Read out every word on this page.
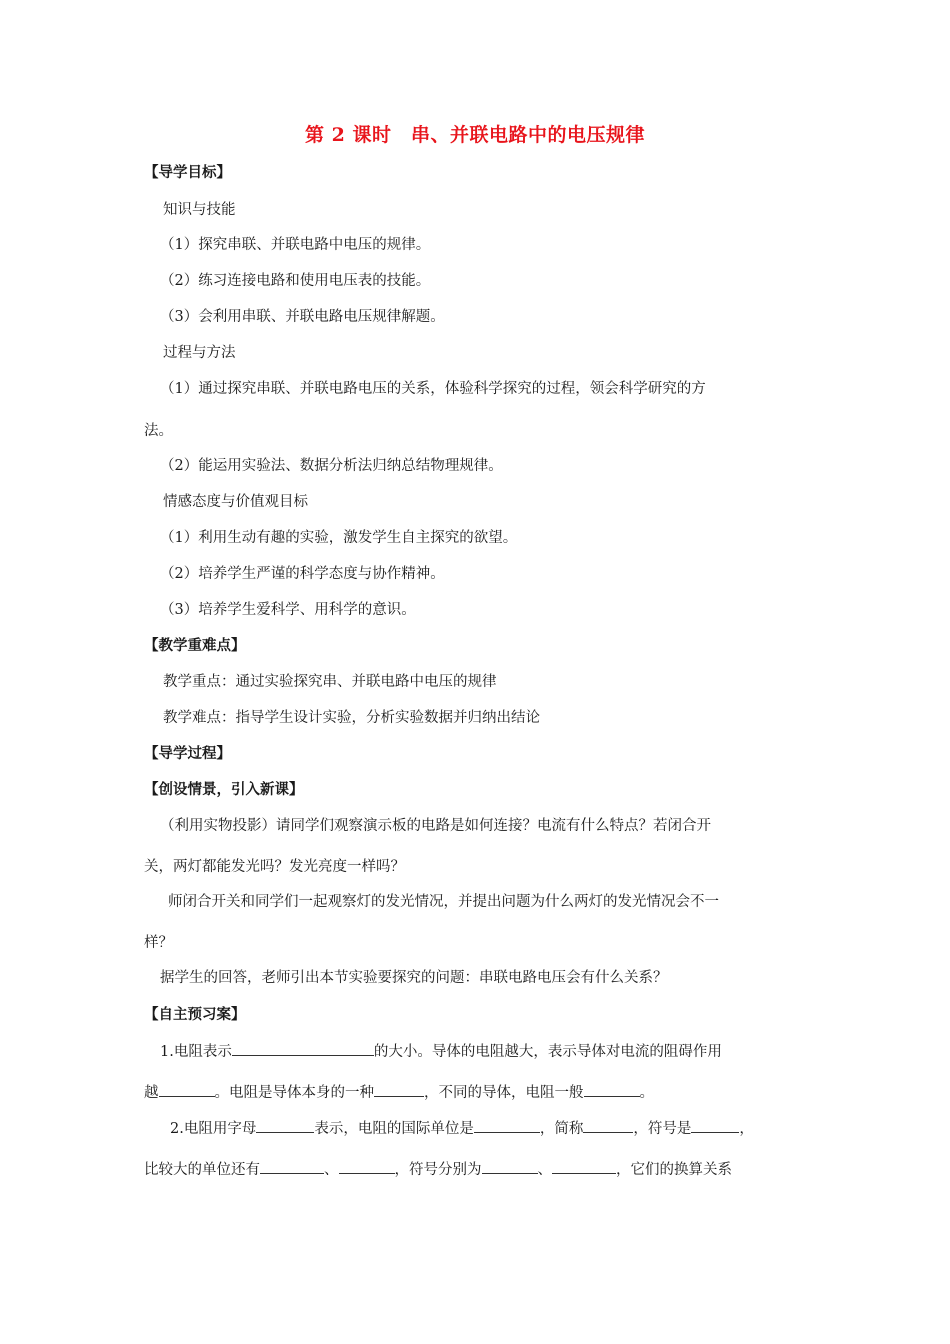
第 2 课时　串、并联电路中的电压规律
【导学目标】
知识与技能
（1）探究串联、并联电路中电压的规律。
（2）练习连接电路和使用电压表的技能。
（3）会利用串联、并联电路电压规律解题。
过程与方法
（1）通过探究串联、并联电路电压的关系，体验科学探究的过程，领会科学研究的方
法。
（2）能运用实验法、数据分析法归纳总结物理规律。
情感态度与价值观目标
（1）利用生动有趣的实验，激发学生自主探究的欲望。
（2）培养学生严谨的科学态度与协作精神。
（3）培养学生爱科学、用科学的意识。
【教学重难点】
教学重点：通过实验探究串、并联电路中电压的规律
教学难点：指导学生设计实验，分析实验数据并归纳出结论
【导学过程】
【创设情景，引入新课】
（利用实物投影）请同学们观察演示板的电路是如何连接？电流有什么特点？若闭合开
关，两灯都能发光吗？发光亮度一样吗？
师闭合开关和同学们一起观察灯的发光情况，并提出问题为什么两灯的发光情况会不一
样？
据学生的回答，老师引出本节实验要探究的问题：串联电路电压会有什么关系？
【自主预习案】
1.电阻表示	的大小。导体的电阻越大，表示导体对电流的阻碍作用
越	。电阻是导体本身的一种	，不同的导体，电阻一般	。
2.电阻用字母	表示，电阻的国际单位是	，简称	，符号是	，
比较大的单位还有	、	，符号分别为	、	，它们的换算关系
